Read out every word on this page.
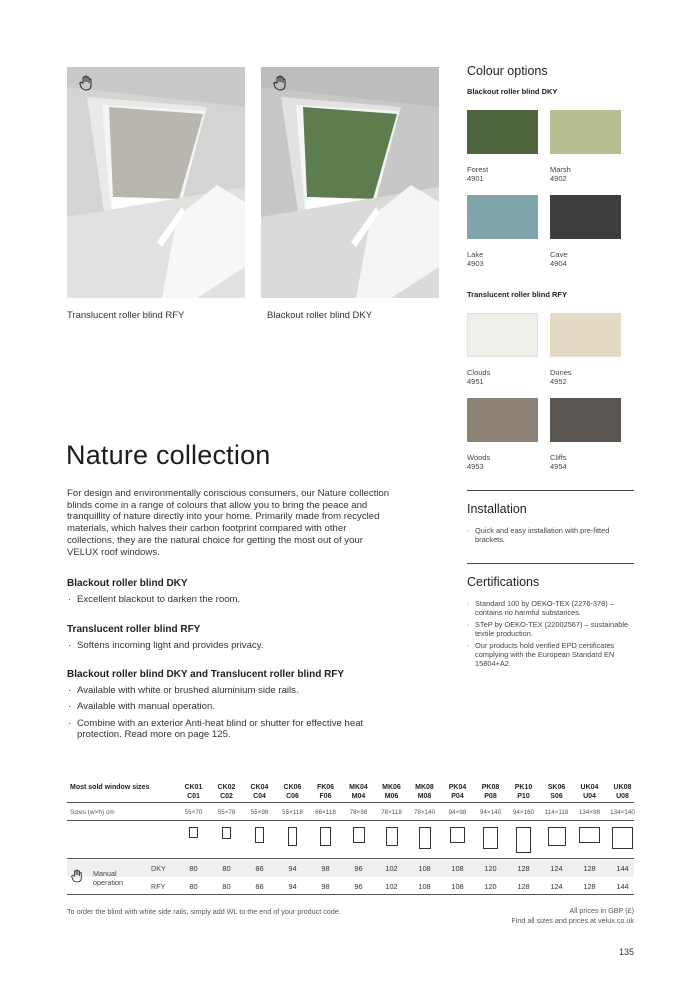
Translucent roller blind RFY	Blackout roller blind DKY
Nature collection

For design and environmentally conscious consumers, our Nature collection blinds come in a range of colours that allow you to bring the peace and tranquillity of nature directly into your home. Primarily made from recycled materials, which halves their carbon footprint compared with other collections, they are the natural choice for getting the most out of your VELUX roof windows.

Blackout roller blind DKY
· Excellent blackout to darken the room.
Translucent roller blind RFY
· Softens incoming light and provides privacy.
Blackout roller blind DKY and Translucent roller blind RFY
· Available with white or brushed aluminium side rails.
· Available with manual operation.
· Combine with an exterior Anti-heat blind or shutter for effective heat protection. Read more on page 125.
Colour options
Blackout roller blind DKY
Translucent roller blind RFY
Forest
4901
Marsh
4902
Lake
4903
Cave
4904
Clouds
4951
Dunes
4952
Woods
4953
Cliffs
4954
Installation
· Quick and easy installation with pre-fitted brackets.
Certifications
· Standard 100 by OEKO-TEX (2276-378) – contains no harmful substances.
· STeP by OEKO-TEX (22002567) – sustainable textile production.
· Our products hold verified EPD certificates complying with the European Standard EN 15804+A2.
Most sold window sizes
Sizes (w×h) cm
Manual operation
DKY
RFY
CK01
C01
55×70
80
80
CK02
C02
55×78
80
80
CK04
C04
55×98
86
86
CK06
C06
55×118
94
94
FK06
F06
66×118
98
98
MK04
M04
78×98
96
96
MK06
M06
78×118
102
102
MK08
M08
78×140
108
108
PK04
P04
94×98
108
108
PK08
P08
94×140
120
120
PK10
P10
94×160
128
128
SK06
S06
114×118
124
124
UK04
U04
134×98
128
128
UK08
U08
134×140
144
144
To order the blind with white side rails, simply add WL to the end of your product code.	All prices in GBP (£)
Find all sizes and prices at velux.co.uk
135
